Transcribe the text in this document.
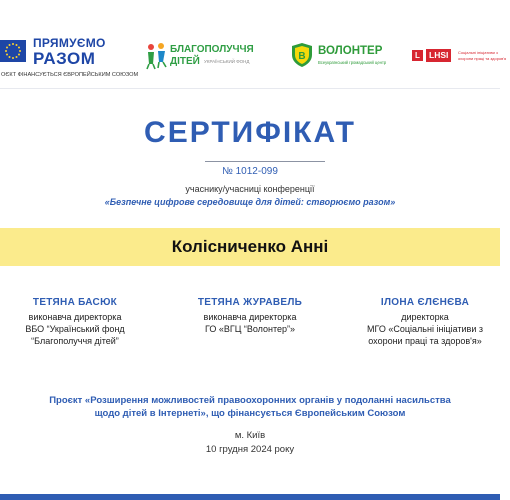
ПРЯМУЄМО
РАЗОМ
ОЄКТ ФІНАНСУЄТЬСЯ ЄВРОПЕЙСЬКИМ СОЮЗОМ
БЛАГОПОЛУЧЧЯ
ДІТЕЙ УКРАЇНСЬКИЙ ФОНД	В ВОЛОНТЕР
Всеукраїнський громадський центр
L	LHSI	Соціальні ініціативи з
охорони праці та здоров'я
СЕРТИФІКАТ
№ 1012-099
учаснику/учасниці конференції
«Безпечне цифрове середовище для дітей: створюємо разом»
Колісниченко Анні
ТЕТЯНА БАСЮК
виконавча директорка
ВБО “Український фонд
“Благополуччя дітей”
ТЕТЯНА ЖУРАВЕЛЬ
виконавча директорка
ГО «ВГЦ “Волонтер”»
ІЛОНА ЄЛЄНЄВА
директорка
МГО «Соціальні ініціативи з
охорони праці та здоров'я»
Проєкт «Розширення можливостей правоохоронних органів у подоланні насильства
щодо дітей в Інтернеті», що фінансується Європейським Союзом
м. Київ
10 грудня 2024 року
